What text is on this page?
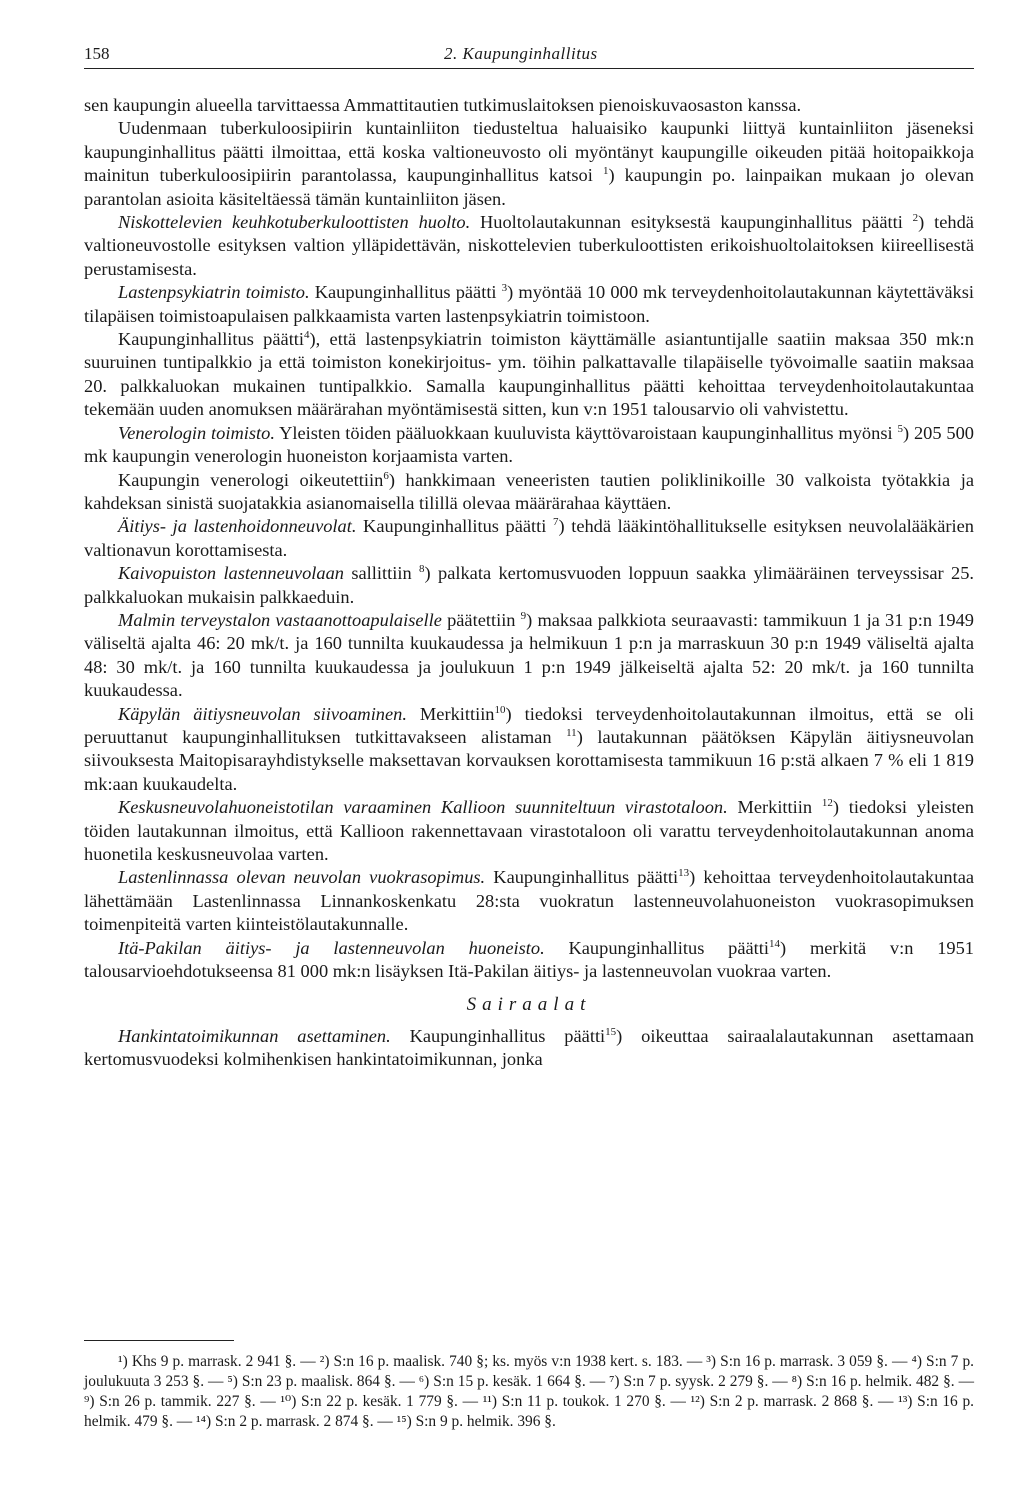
158	2. Kaupunginhallitus

sen kaupungin alueella tarvittaessa Ammattitautien tutkimuslaitoksen pienoiskuvaosaston kanssa.

Uudenmaan tuberkuloosipiirin kuntainliiton tiedusteltua haluaisiko kaupunki liittyä kuntainliiton jäseneksi kaupunginhallitus päätti ilmoittaa, että koska valtioneuvosto oli myöntänyt kaupungille oikeuden pitää hoitopaikkoja mainitun tuberkuloosipiirin parantolassa, kaupunginhallitus katsoi $^1$) kaupungin po. lainpaikan mukaan jo olevan parantolan asioita käsiteltäessä tämän kuntainliiton jäsen.

Niskottelevien keuhkotuberkuloottisten huolto. Huoltolautakunnan esityksestä kaupunginhallitus päätti $^2$) tehdä valtioneuvostolle esityksen valtion ylläpidettävän, niskottelevien tuberkuloottisten erikoishuoltolaitoksen kiireellisestä perustamisesta.

Lastenpsykiatrin toimisto. Kaupunginhallitus päätti $^3$) myöntää 10 000 mk terveydenhoitolautakunnan käytettäväksi tilapäisen toimistoapulaisen palkkaamista varten lastenpsykiatrin toimistoon.

Kaupunginhallitus päätti$^4$), että lastenpsykiatrin toimiston käyttämälle asiantuntijalle saatiin maksaa 350 mk:n suuruinen tuntipalkkio ja että toimiston konekirjoitus- ym. töihin palkattavalle tilapäiselle työvoimalle saatiin maksaa 20. palkkaluokan mukainen tuntipalkkio. Samalla kaupunginhallitus päätti kehoittaa terveydenhoitolautakuntaa tekemään uuden anomuksen määrärahan myöntämisestä sitten, kun v:n 1951 talousarvio oli vahvistettu.

Venerologin toimisto. Yleisten töiden pääluokkaan kuuluvista käyttövaroistaan kaupunginhallitus myönsi $^5$) 205 500 mk kaupungin venerologin huoneiston korjaamista varten.

Kaupungin venerologi oikeutettiin$^6$) hankkimaan veneeristen tautien poliklinikoille 30 valkoista työtakkia ja kahdeksan sinistä suojatakkia asianomaisella tilillä olevaa määrärahaa käyttäen.

Äitiys- ja lastenhoidonneuvolat. Kaupunginhallitus päätti $^7$) tehdä lääkintöhallitukselle esityksen neuvolalääkärien valtionavun korottamisesta.

Kaivopuiston lastenneuvolaan sallittiin $^8$) palkata kertomusvuoden loppuun saakka ylimääräinen terveyssisar 25. palkkaluokan mukaisin palkkaeduin.

Malmin terveystalon vastaanottoapulaiselle päätettiin $^9$) maksaa palkkiota seuraavasti: tammikuun 1 ja 31 p:n 1949 väliseltä ajalta 46: 20 mk/t. ja 160 tunnilta kuukaudessa ja helmikuun 1 p:n ja marraskuun 30 p:n 1949 väliseltä ajalta 48: 30 mk/t. ja 160 tunnilta kuukaudessa ja joulukuun 1 p:n 1949 jälkeiseltä ajalta 52: 20 mk/t. ja 160 tunnilta kuukaudessa.

Käpylän äitiysneuvolan siivoaminen. Merkittiin$^{10}$) tiedoksi terveydenhoitolautakunnan ilmoitus, että se oli peruuttanut kaupunginhallituksen tutkittavakseen alistaman $^{11}$) lautakunnan päätöksen Käpylän äitiysneuvolan siivouksesta Maitopisarayhdistykselle maksettavan korvauksen korottamisesta tammikuun 16 p:stä alkaen 7 % eli 1 819 mk:aan kuukaudelta.

Keskusneuvolahuoneistotilan varaaminen Kallioon suunniteltuun virastotaloon. Merkittiin $^{12}$) tiedoksi yleisten töiden lautakunnan ilmoitus, että Kallioon rakennettavaan virastotaloon oli varattu terveydenhoitolautakunnan anoma huonetila keskusneuvolaa varten.

Lastenlinnassa olevan neuvolan vuokrasopimus. Kaupunginhallitus päätti$^{13}$) kehoittaa terveydenhoitolautakuntaa lähettämään Lastenlinnassa Linnankoskenkatu 28:sta vuokratun lastenneuvolahuoneiston vuokrasopimuksen toimenpiteitä varten kiinteistölautakunnalle.

Itä-Pakilan äitiys- ja lastenneuvolan huoneisto. Kaupunginhallitus päätti$^{14}$) merkitä v:n 1951 talousarvioehdotukseensa 81 000 mk:n lisäyksen Itä-Pakilan äitiys- ja lastenneuvolan vuokraa varten.

Sairaalat

Hankintatoimikunnan asettaminen. Kaupunginhallitus päätti$^{15}$) oikeuttaa sairaalalautakunnan asettamaan kertomusvuodeksi kolmihenkisen hankintatoimikunnan, jonka

¹) Khs 9 p. marrask. 2 941 §. — ²) S:n 16 p. maalisk. 740 §; ks. myös v:n 1938 kert. s. 183. — ³) S:n 16 p. marrask. 3 059 §. — ⁴) S:n 7 p. joulukuuta 3 253 §. — ⁵) S:n 23 p. maalisk. 864 §. — ⁶) S:n 15 p. kesäk. 1 664 §. — ⁷) S:n 7 p. syysk. 2 279 §. — ⁸) S:n 16 p. helmik. 482 §. — ⁹) S:n 26 p. tammik. 227 §. — ¹⁰) S:n 22 p. kesäk. 1 779 §. — ¹¹) S:n 11 p. toukok. 1 270 §. — ¹²) S:n 2 p. marrask. 2 868 §. — ¹³) S:n 16 p. helmik. 479 §. — ¹⁴) S:n 2 p. marrask. 2 874 §. — ¹⁵) S:n 9 p. helmik. 396 §.
